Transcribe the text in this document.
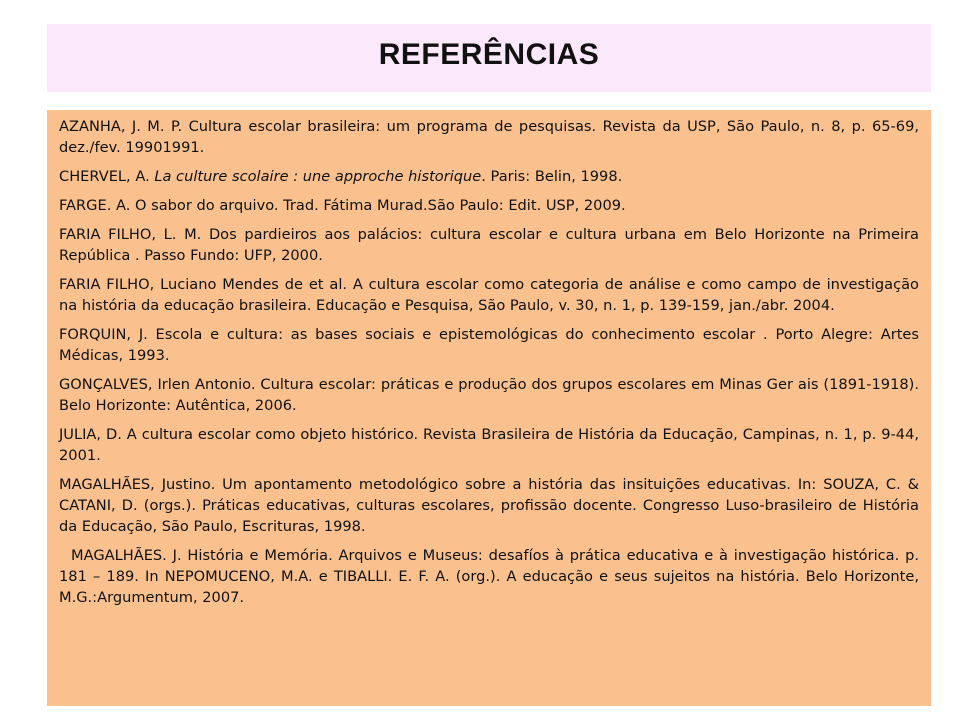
REFERÊNCIAS

AZANHA, J. M. P. Cultura escolar brasileira: um programa de pesquisas. Revista da USP, São Paulo, n. 8, p. 65-69, dez./fev. 19901991.

CHERVEL, A. La culture scolaire : une approche historique. Paris: Belin, 1998.

FARGE. A. O sabor do arquivo. Trad. Fátima Murad.São Paulo: Edit. USP, 2009.

FARIA FILHO, L. M. Dos pardieiros aos palácios: cultura escolar e cultura urbana em Belo Horizonte na Primeira República . Passo Fundo: UFP, 2000.

FARIA FILHO, Luciano Mendes de et al. A cultura escolar como categoria de análise e como campo de investigação na história da educação brasileira. Educação e Pesquisa, São Paulo, v. 30, n. 1, p. 139-159, jan./abr. 2004.

FORQUIN, J. Escola e cultura: as bases sociais e epistemológicas do conhecimento escolar . Porto Alegre: Artes Médicas, 1993.

GONÇALVES, Irlen Antonio. Cultura escolar: práticas e produção dos grupos escolares em Minas Ger ais (1891-1918). Belo Horizonte: Autêntica, 2006.

JULIA, D. A cultura escolar como objeto histórico. Revista Brasileira de História da Educação, Campinas, n. 1, p. 9-44, 2001.

MAGALHÃES, Justino. Um apontamento metodológico sobre a história das insituições educativas. In: SOUZA, C. & CATANI, D. (orgs.). Práticas educativas, culturas escolares, profissão docente. Congresso Luso-brasileiro de História da Educação, São Paulo, Escrituras, 1998.

MAGALHÃES. J. História e Memória. Arquivos e Museus: desafíos à prática educativa e à investigação histórica. p. 181 – 189. In NEPOMUCENO, M.A. e TIBALLI. E. F. A. (org.). A educação e seus sujeitos na história. Belo Horizonte, M.G.:Argumentum, 2007.
